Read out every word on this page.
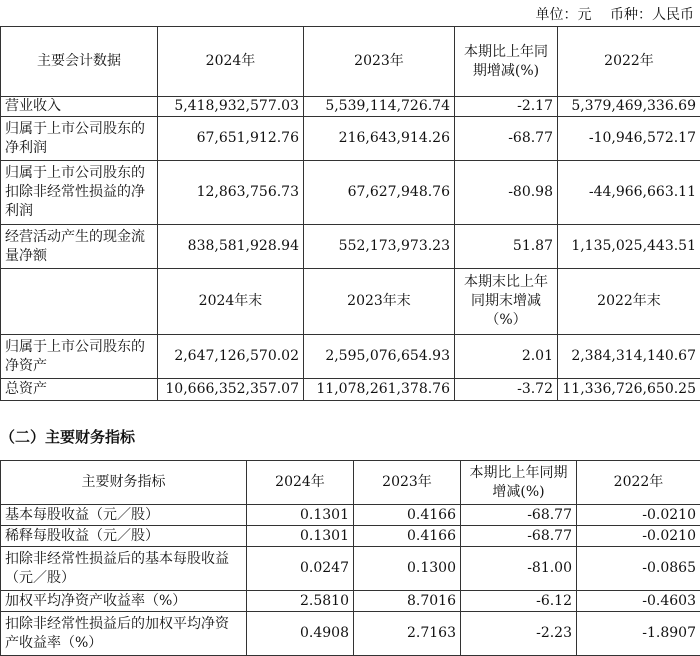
单位：元 币种：人民币
主要会计数据	2024年	2023年	本期比上年同期增减(%)	2022年
营业收入	5,418,932,577.03	5,539,114,726.74	-2.17	5,379,469,336.69
归属于上市公司股东的净利润	67,651,912.76	216,643,914.26	-68.77	-10,946,572.17
归属于上市公司股东的扣除非经常性损益的净利润	12,863,756.73	67,627,948.76	-80.98	-44,966,663.11
经营活动产生的现金流量净额	838,581,928.94	552,173,973.23	51.87	1,135,025,443.51
	2024年末	2023年末	本期末比上年同期末增减（%）	2022年末
归属于上市公司股东的净资产	2,647,126,570.02	2,595,076,654.93	2.01	2,384,314,140.67
总资产	10,666,352,357.07	11,078,261,378.76	-3.72	11,336,726,650.25
（二）主要财务指标
主要财务指标	2024年	2023年	本期比上年同期增减(%)	2022年
基本每股收益（元／股）	0.1301	0.4166	-68.77	-0.0210
稀释每股收益（元／股）	0.1301	0.4166	-68.77	-0.0210
扣除非经常性损益后的基本每股收益（元／股）	0.0247	0.1300	-81.00	-0.0865
加权平均净资产收益率（%）	2.5810	8.7016	-6.12	-0.4603
扣除非经常性损益后的加权平均净资产收益率（%）	0.4908	2.7163	-2.23	-1.8907
